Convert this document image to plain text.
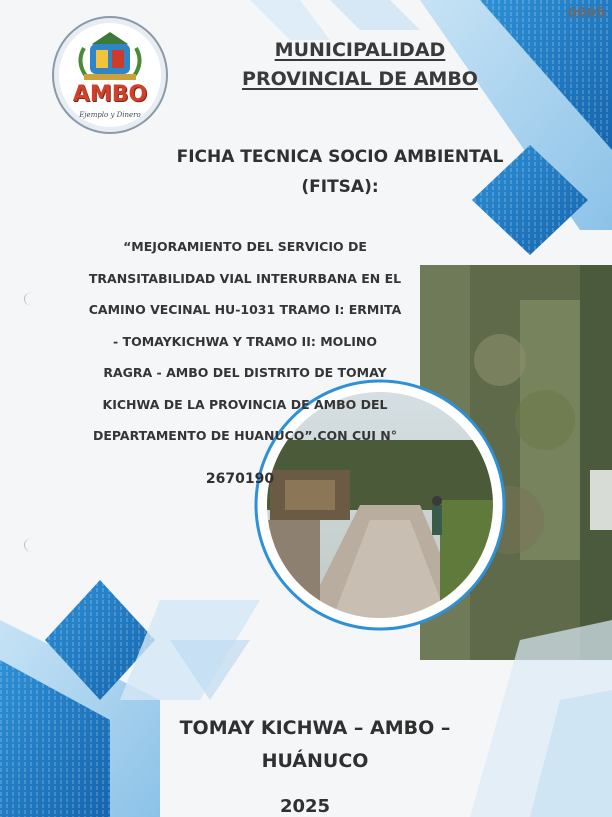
0005
AMBO
Ejemplo y Dinero
MUNICIPALIDAD
PROVINCIAL DE AMBO
FICHA TECNICA SOCIO AMBIENTAL
(FITSA):
“MEJORAMIENTO DEL SERVICIO DE
TRANSITABILIDAD VIAL INTERURBANA EN EL
CAMINO VECINAL HU-1031 TRAMO I: ERMITA
- TOMAYKICHWA Y TRAMO II: MOLINO
RAGRA - AMBO DEL DISTRITO DE TOMAY
KICHWA DE LA PROVINCIA DE AMBO DEL
DEPARTAMENTO DE HUANUCO”.CON CUI N°
2670190
TOMAY KICHWA – AMBO –
HUÁNUCO
2025
